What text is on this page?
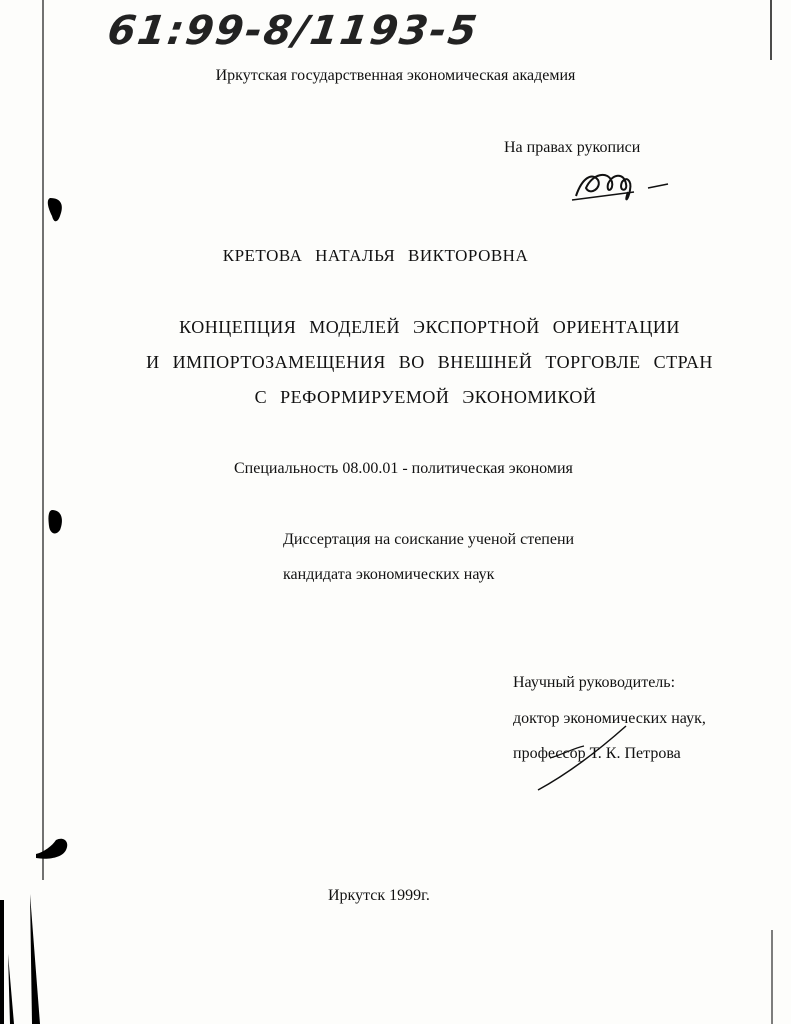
61:99-8/1193-5
Иркутская государственная экономическая академия
На правах рукописи
КРЕТОВА НАТАЛЬЯ ВИКТОРОВНА
КОНЦЕПЦИЯ МОДЕЛЕЙ ЭКСПОРТНОЙ ОРИЕНТАЦИИ
И ИМПОРТОЗАМЕЩЕНИЯ ВО ВНЕШНЕЙ ТОРГОВЛЕ СТРАН
С РЕФОРМИРУЕМОЙ ЭКОНОМИКОЙ
Специальность 08.00.01 - политическая экономия
Диссертация на соискание ученой степени
кандидата экономических наук
Научный руководитель:
доктор экономических наук,
профессор Т. К. Петрова
Иркутск 1999г.
